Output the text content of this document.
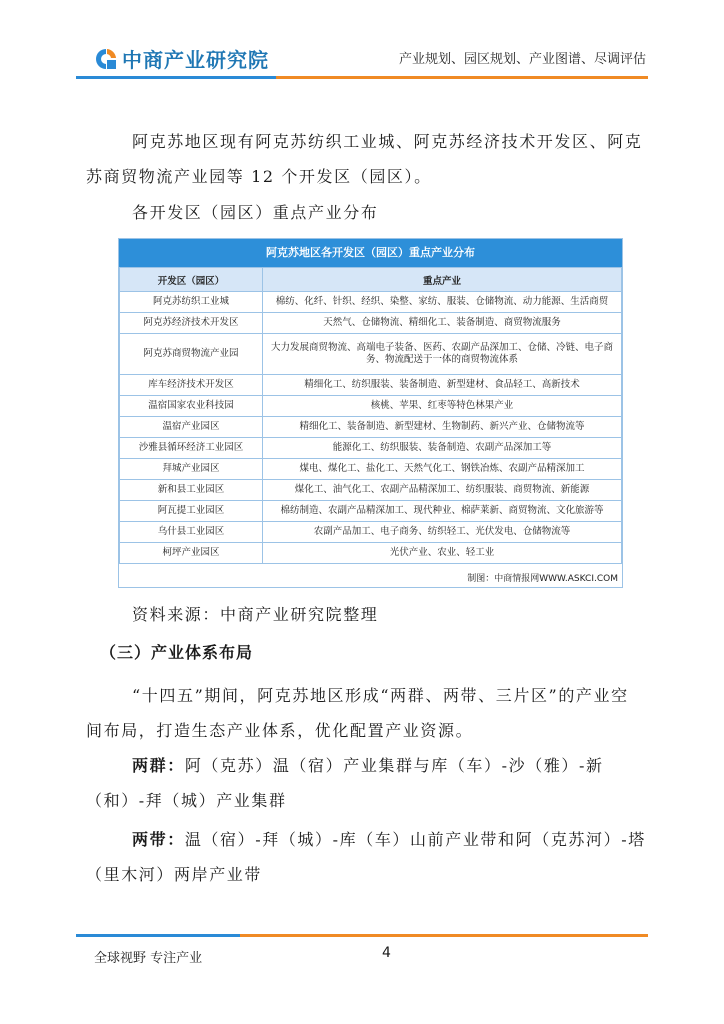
中商产业研究院	产业规划、园区规划、产业图谱、尽调评估
阿克苏地区现有阿克苏纺织工业城、阿克苏经济技术开发区、阿克苏商贸物流产业园等 12 个开发区（园区）。
各开发区（园区）重点产业分布
阿克苏地区各开发区（园区）重点产业分布
开发区（园区）	重点产业
阿克苏纺织工业城	棉纺、化纤、针织、经织、染整、家纺、服装、仓储物流、动力能源、生活商贸
阿克苏经济技术开发区	天然气、仓储物流、精细化工、装备制造、商贸物流服务
阿克苏商贸物流产业园	大力发展商贸物流、高端电子装备、医药、农副产品深加工、仓储、冷链、电子商务、物流配送于一体的商贸物流体系
库车经济技术开发区	精细化工、纺织服装、装备制造、新型建材、食品轻工、高新技术
温宿国家农业科技园	核桃、苹果、红枣等特色林果产业
温宿产业园区	精细化工、装备制造、新型建材、生物制药、新兴产业、仓储物流等
沙雅县循环经济工业园区	能源化工、纺织服装、装备制造、农副产品深加工等
拜城产业园区	煤电、煤化工、盐化工、天然气化工、钢铁冶炼、农副产品精深加工
新和县工业园区	煤化工、油气化工、农副产品精深加工、纺织服装、商贸物流、新能源
阿瓦提工业园区	棉纺制造、农副产品精深加工、现代种业、棉萨莱新、商贸物流、文化旅游等
乌什县工业园区	农副产品加工、电子商务、纺织轻工、光伏发电、仓储物流等
柯坪产业园区	光伏产业、农业、轻工业
制图：中商情报网WWW.ASKCI.COM
资料来源：中商产业研究院整理
（三）产业体系布局
“十四五”期间，阿克苏地区形成“两群、两带、三片区”的产业空间布局，打造生态产业体系，优化配置产业资源。
两群：阿（克苏）温（宿）产业集群与库（车）-沙（雅）-新（和）-拜（城）产业集群
两带：温（宿）-拜（城）-库（车）山前产业带和阿（克苏河）-塔（里木河）两岸产业带
全球视野 专注产业	4
